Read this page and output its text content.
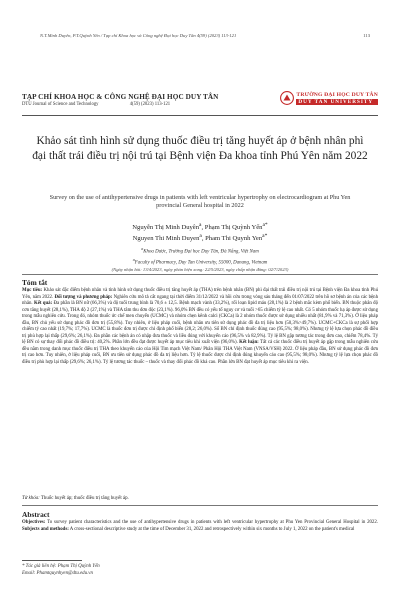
N.T.Minh Duyên, P.T.Quỳnh Yến / Tạp chí Khoa học và Công nghệ Đại học Duy Tân 4(59) (2023) 113-121	113
TẠP CHÍ KHOA HỌC & CÔNG NGHỆ ĐẠI HỌC DUY TÂN
DTU Journal of Science and Technology	4(59) (2023) 113-121
TRƯỜNG ĐẠI HỌC DUY TÂN
DUY TAN UNIVERSITY
Khảo sát tình hình sử dụng thuốc điều trị tăng huyết áp ở bệnh nhân phì đại thất trái điều trị nội trú tại Bệnh viện Đa khoa tỉnh Phú Yên năm 2022
Survey on the use of antihypertensive drugs in patients with left ventricular hypertrophy on electrocardiogram at Phu Yen provincial General hospital in 2022
Nguyễn Thị Minh Duyên$^a$, Phạm Thị Quỳnh Yến$^{a*}$
Nguyen Thi Minh Duyen$^a$, Pham Thi Quynh Yen$^{a*}$
$^a$Khoa Dược, Trường Đại học Duy Tân, Đà Nẵng, Việt Nam
$^a$Faculty of Pharmacy, Duy Tan University, 55000, Danang, Vietnam
(Ngày nhận bài: 13/4/2023, ngày phản biện xong: 22/5/2023, ngày chấp nhận đăng: 02/7/2023)
Tóm tắt
Mục tiêu: Khảo sát đặc điểm bệnh nhân và tình hình sử dụng thuốc điều trị tăng huyết áp (THA) trên bệnh nhân (BN) phì đại thất trái điều trị nội trú tại Bệnh viện Đa khoa tỉnh Phú Yên, năm 2022. Đối tượng và phương pháp: Nghiên cứu mô tả cắt ngang tại thời điểm 31/12/2022 và hồi cứu trong vòng sáu tháng đến 01/07/2022 trên hồ sơ bệnh án của các bệnh nhân. Kết quả: Đa phần là BN nữ (66,3%) và độ tuổi trung bình là 70,6 ± 12,5. Bệnh mạch vành (33,2%), rối loạn lipid máu (28,1%) là 2 bệnh mắc kèm phổ biến. BN thuộc phân độ cơn tăng huyết (28,1%), THA độ 2 (27,1%) và THA tâm thu đơn độc (23,1%). 96,0% BN đều có yếu tố nguy cơ và tuổi >65 chiếm tỷ lệ cao nhất. Có 5 nhóm thuốc hạ áp được sử dụng trong mẫu nghiên cứu. Trong đó, nhóm thuốc ức chế men chuyển (UCMC) và nhóm chẹn kênh calci (CKCa) là 2 nhóm thuốc được sử dụng nhiều nhất (81,9% và 71,3%). Ở liệu pháp đầu, BN chủ yếu sử dụng phác đồ đơn trị (55,8%). Tuy nhiên, ở liệu pháp cuối, bệnh nhân ưu tiên sử dụng phác đồ đa trị liệu hơn (50,3%>49,7%). UCMC+CKCa là sự phối hợp chiếm tỷ cao nhất (19,7%; 17,7%). UCMC là thuốc đơn trị được chỉ định phổ biến (28,2; 26,0%). Số BN chỉ định thuốc đúng cao (95,5%; 98,0%). Nhưng tỷ lệ lựa chọn phác đồ điều trị phù hợp lại thấp (29,6%; 26,1%). Đa phần các bệnh án có nhập đưa thuốc và liều đúng với khuyến cáo (96,5% và 82,9%). Tỷ lệ BN gặp tương tác trong đơn cao, chiếm 78,4%. Tỷ lệ BN có sự thay đổi phác đồ điều trị: 40,2%. Phần lớn đều đạt được huyết áp mục tiêu khi xuất viện (96,0%). Kết luận: Tất cả các thuốc điều trị huyết áp gặp trong mẫu nghiên cứu đều nằm trong danh mục thuốc điều trị THA theo khuyến cáo của Hội Tim mạch Việt Nam/ Phân Hội THA Việt Nam (VNSA/VSH) 2022. Ở liệu pháp đầu, BN sử dụng phác đồ đơn trị cao hơn. Tuy nhiên, ở liệu pháp cuối, BN ưu tiên sử dụng phác đồ đa trị liệu hơn. Tỷ lệ thuốc được chỉ định đúng khuyến cáo cao (95,5%; 98,0%). Nhưng tỷ lệ lựa chọn phác đồ điều trị phù hợp lại thấp (29,6%; 26,1%). Tỷ lệ tương tác thuốc – thuốc và thay đổi phác đồ khá cao. Phần lớn BN đạt huyết áp mục tiêu khi ra viện.
Từ khóa: Thuốc huyết áp; thuốc điều trị tăng huyết áp.
Abstract
Objectives: To survey patient characteristics and the use of antihypertensive drugs in patients with left ventricular hypertrophy at Phu Yen Provincial General Hospital in 2022. Subjects and methods: A cross-sectional descriptive study at the time of December 31, 2022 and retrospectively within six months to July 1, 2022 on the patient's medical
* Tác giả liên hệ: Phạm Thị Quỳnh Yến
Email: Phamtquynhyen@dtu.edu.vn
